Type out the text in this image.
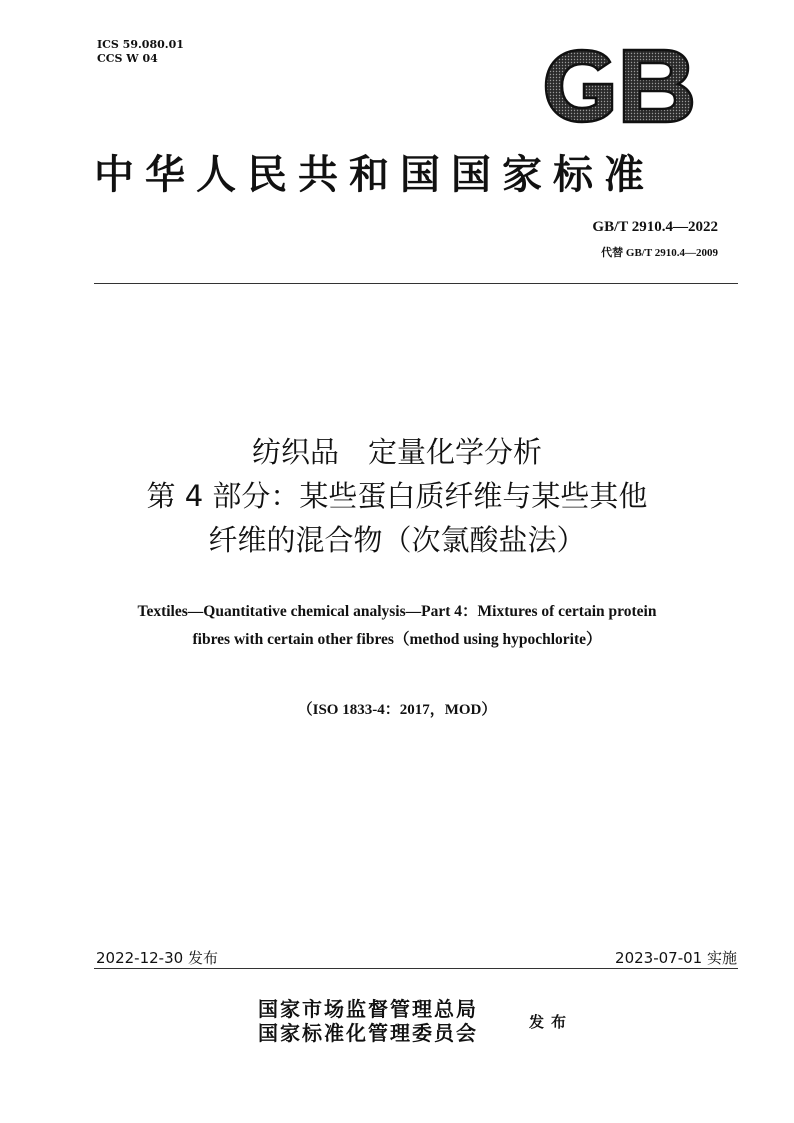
ICS 59.080.01
CCS W 04
中华人民共和国国家标准
GB/T 2910.4—2022
代替 GB/T 2910.4—2009
纺织品　定量化学分析
第 4 部分：某些蛋白质纤维与某些其他
纤维的混合物（次氯酸盐法）
Textiles—Quantitative chemical analysis—Part 4：Mixtures of certain protein
fibres with certain other fibres（method using hypochlorite）
（ISO 1833-4：2017，MOD）
2022-12-30 发布	2023-07-01 实施
国家市场监督管理总局
国家标准化管理委员会	发布
